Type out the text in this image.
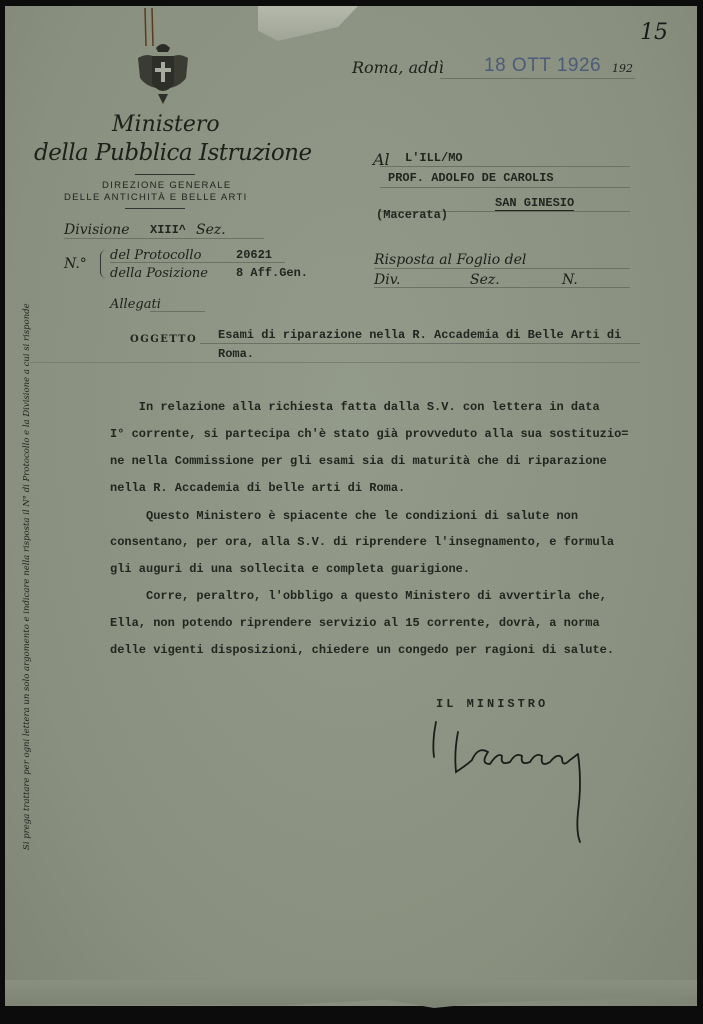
15
Ministero
della Pubblica Istruzione
DIREZIONE GENERALE
DELLE ANTICHITÀ E BELLE ARTI
Roma, addì 18 OTT 1926 192
Al L'ILL/MO
PROF. ADOLFO DE CAROLIS
SAN GINESIO
(Macerata)
Risposta al Foglio del
Div.	Sez.	N.
Divisione XIII^ Sez.
N.°
del Protocollo	20621
della Posizione 8 Aff.Gen.
Allegati
OGGETTO Esami di riparazione nella R. Accademia di Belle Arti di
Roma.
In relazione alla richiesta fatta dalla S.V. con lettera in data
I° corrente, si partecipa ch'è stato già provveduto alla sua sostituzio=
ne nella Commissione per gli esami sia di maturità che di riparazione
nella R. Accademia di belle arti di Roma.
Questo Ministero è spiacente che le condizioni di salute non
consentano, per ora, alla S.V. di riprendere l'insegnamento, e formula
gli auguri di una sollecita e completa guarigione.
Corre, peraltro, l'obbligo a questo Ministero di avvertirla che,
Ella, non potendo riprendere servizio al 15 corrente, dovrà, a norma
delle vigenti disposizioni, chiedere un congedo per ragioni di salute.
IL MINISTRO
Si prega trattare per ogni lettera un solo argomento e indicare nella risposta il N° di Protocollo e la Divisione a cui si risponde
